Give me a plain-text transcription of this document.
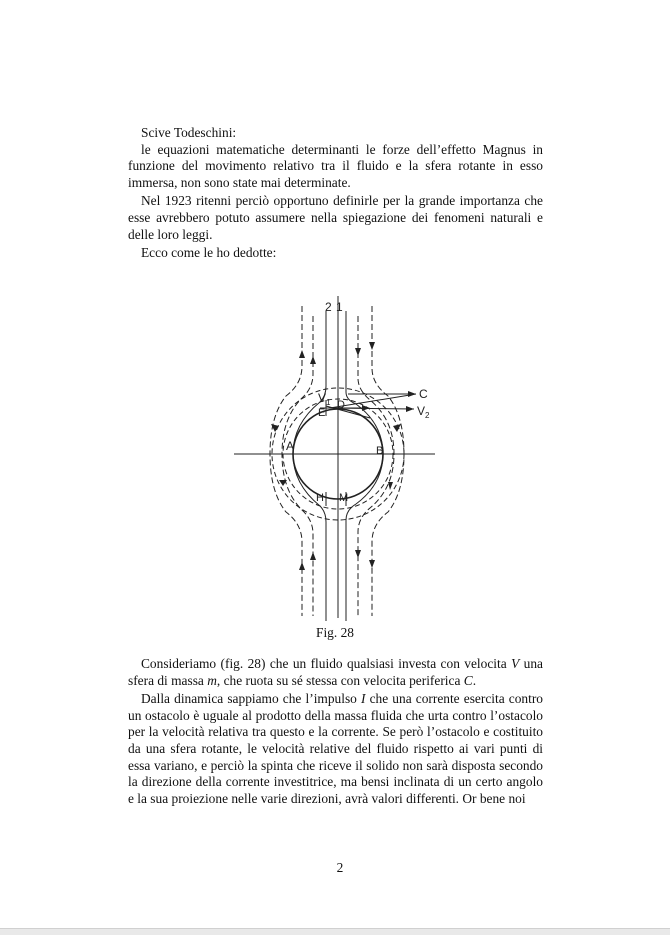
Scive Todeschini:

le equazioni matematiche determinanti le forze dell’effetto Magnus in funzione del movimento relativo tra il fluido e la sfera rotante in esso immersa, non sono state mai determinate.

Nel 1923 ritenni perciò opportuno definirle per la grande importanza che esse avrebbero potuto assumere nella spiegazione dei fenomeni naturali e delle loro leggi.

Ecco come le ho dedotte:

2 1
$V_1$
E
D
C
$V_2$
A	B
H M
Fig. 28

Consideriamo (fig. 28) che un fluido qualsiasi investa con velocita V una sfera di massa m, che ruota su sé stessa con velocita periferica C.

Dalla dinamica sappiamo che l’impulso I che una corrente esercita contro un ostacolo è uguale al prodotto della massa fluida che urta contro l’ostacolo per la velocità relativa tra questo e la corrente. Se però l’ostacolo e costituito da una sfera rotante, le velocità relative del fluido rispetto ai vari punti di essa variano, e perciò la spinta che riceve il solido non sarà disposta secondo la direzione della corrente investitrice, ma bensi inclinata di un certo angolo e la sua proiezione nelle varie direzioni, avrà valori differenti. Or bene noi

2
